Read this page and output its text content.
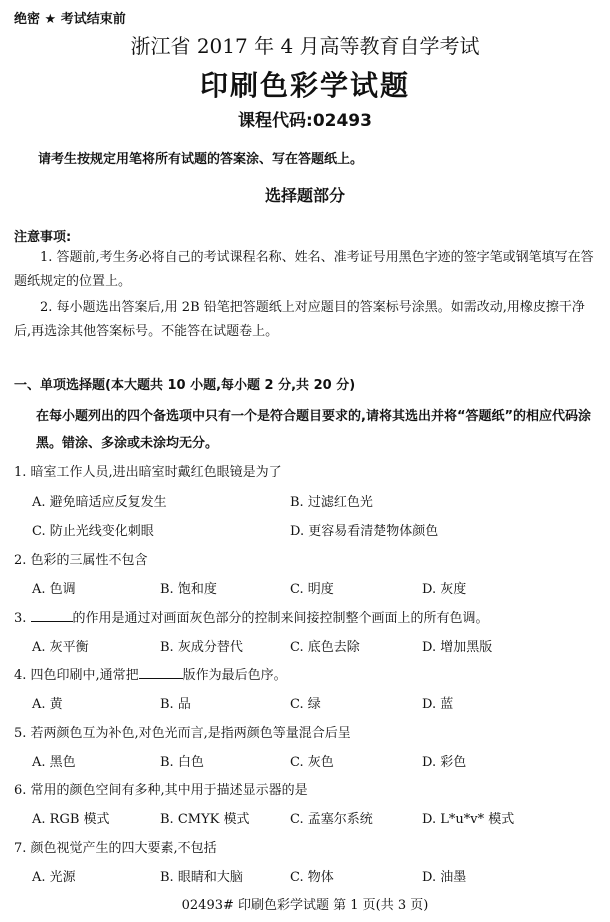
绝密 ★ 考试结束前
浙江省 2017 年 4 月高等教育自学考试
印刷色彩学试题
课程代码:02493
请考生按规定用笔将所有试题的答案涂、写在答题纸上。
选择题部分
注意事项:
1. 答题前,考生务必将自己的考试课程名称、姓名、准考证号用黑色字迹的签字笔或钢笔填写在答题纸规定的位置上。
2. 每小题选出答案后,用 2B 铅笔把答题纸上对应题目的答案标号涂黑。如需改动,用橡皮擦干净后,再选涂其他答案标号。不能答在试题卷上。
一、单项选择题(本大题共 10 小题,每小题 2 分,共 20 分)
在每小题列出的四个备选项中只有一个是符合题目要求的,请将其选出并将“答题纸”的相应代码涂黑。错涂、多涂或未涂均无分。
1. 暗室工作人员,进出暗室时戴红色眼镜是为了
A. 避免暗适应反复发生	B. 过滤红色光
C. 防止光线变化刺眼	D. 更容易看清楚物体颜色
2. 色彩的三属性不包含
A. 色调	B. 饱和度	C. 明度	D. 灰度
3.	的作用是通过对画面灰色部分的控制来间接控制整个画面上的所有色调。
A. 灰平衡	B. 灰成分替代	C. 底色去除	D. 增加黑版
4. 四色印刷中,通常把	版作为最后色序。
A. 黄	B. 品	C. 绿	D. 蓝
5. 若两颜色互为补色,对色光而言,是指两颜色等量混合后呈
A. 黑色	B. 白色	C. 灰色	D. 彩色
6. 常用的颜色空间有多种,其中用于描述显示器的是
A. RGB 模式	B. CMYK 模式	C. 孟塞尔系统	D. L*u*v* 模式
7. 颜色视觉产生的四大要素,不包括
A. 光源	B. 眼睛和大脑	C. 物体	D. 油墨
02493# 印刷色彩学试题 第 1 页(共 3 页)
